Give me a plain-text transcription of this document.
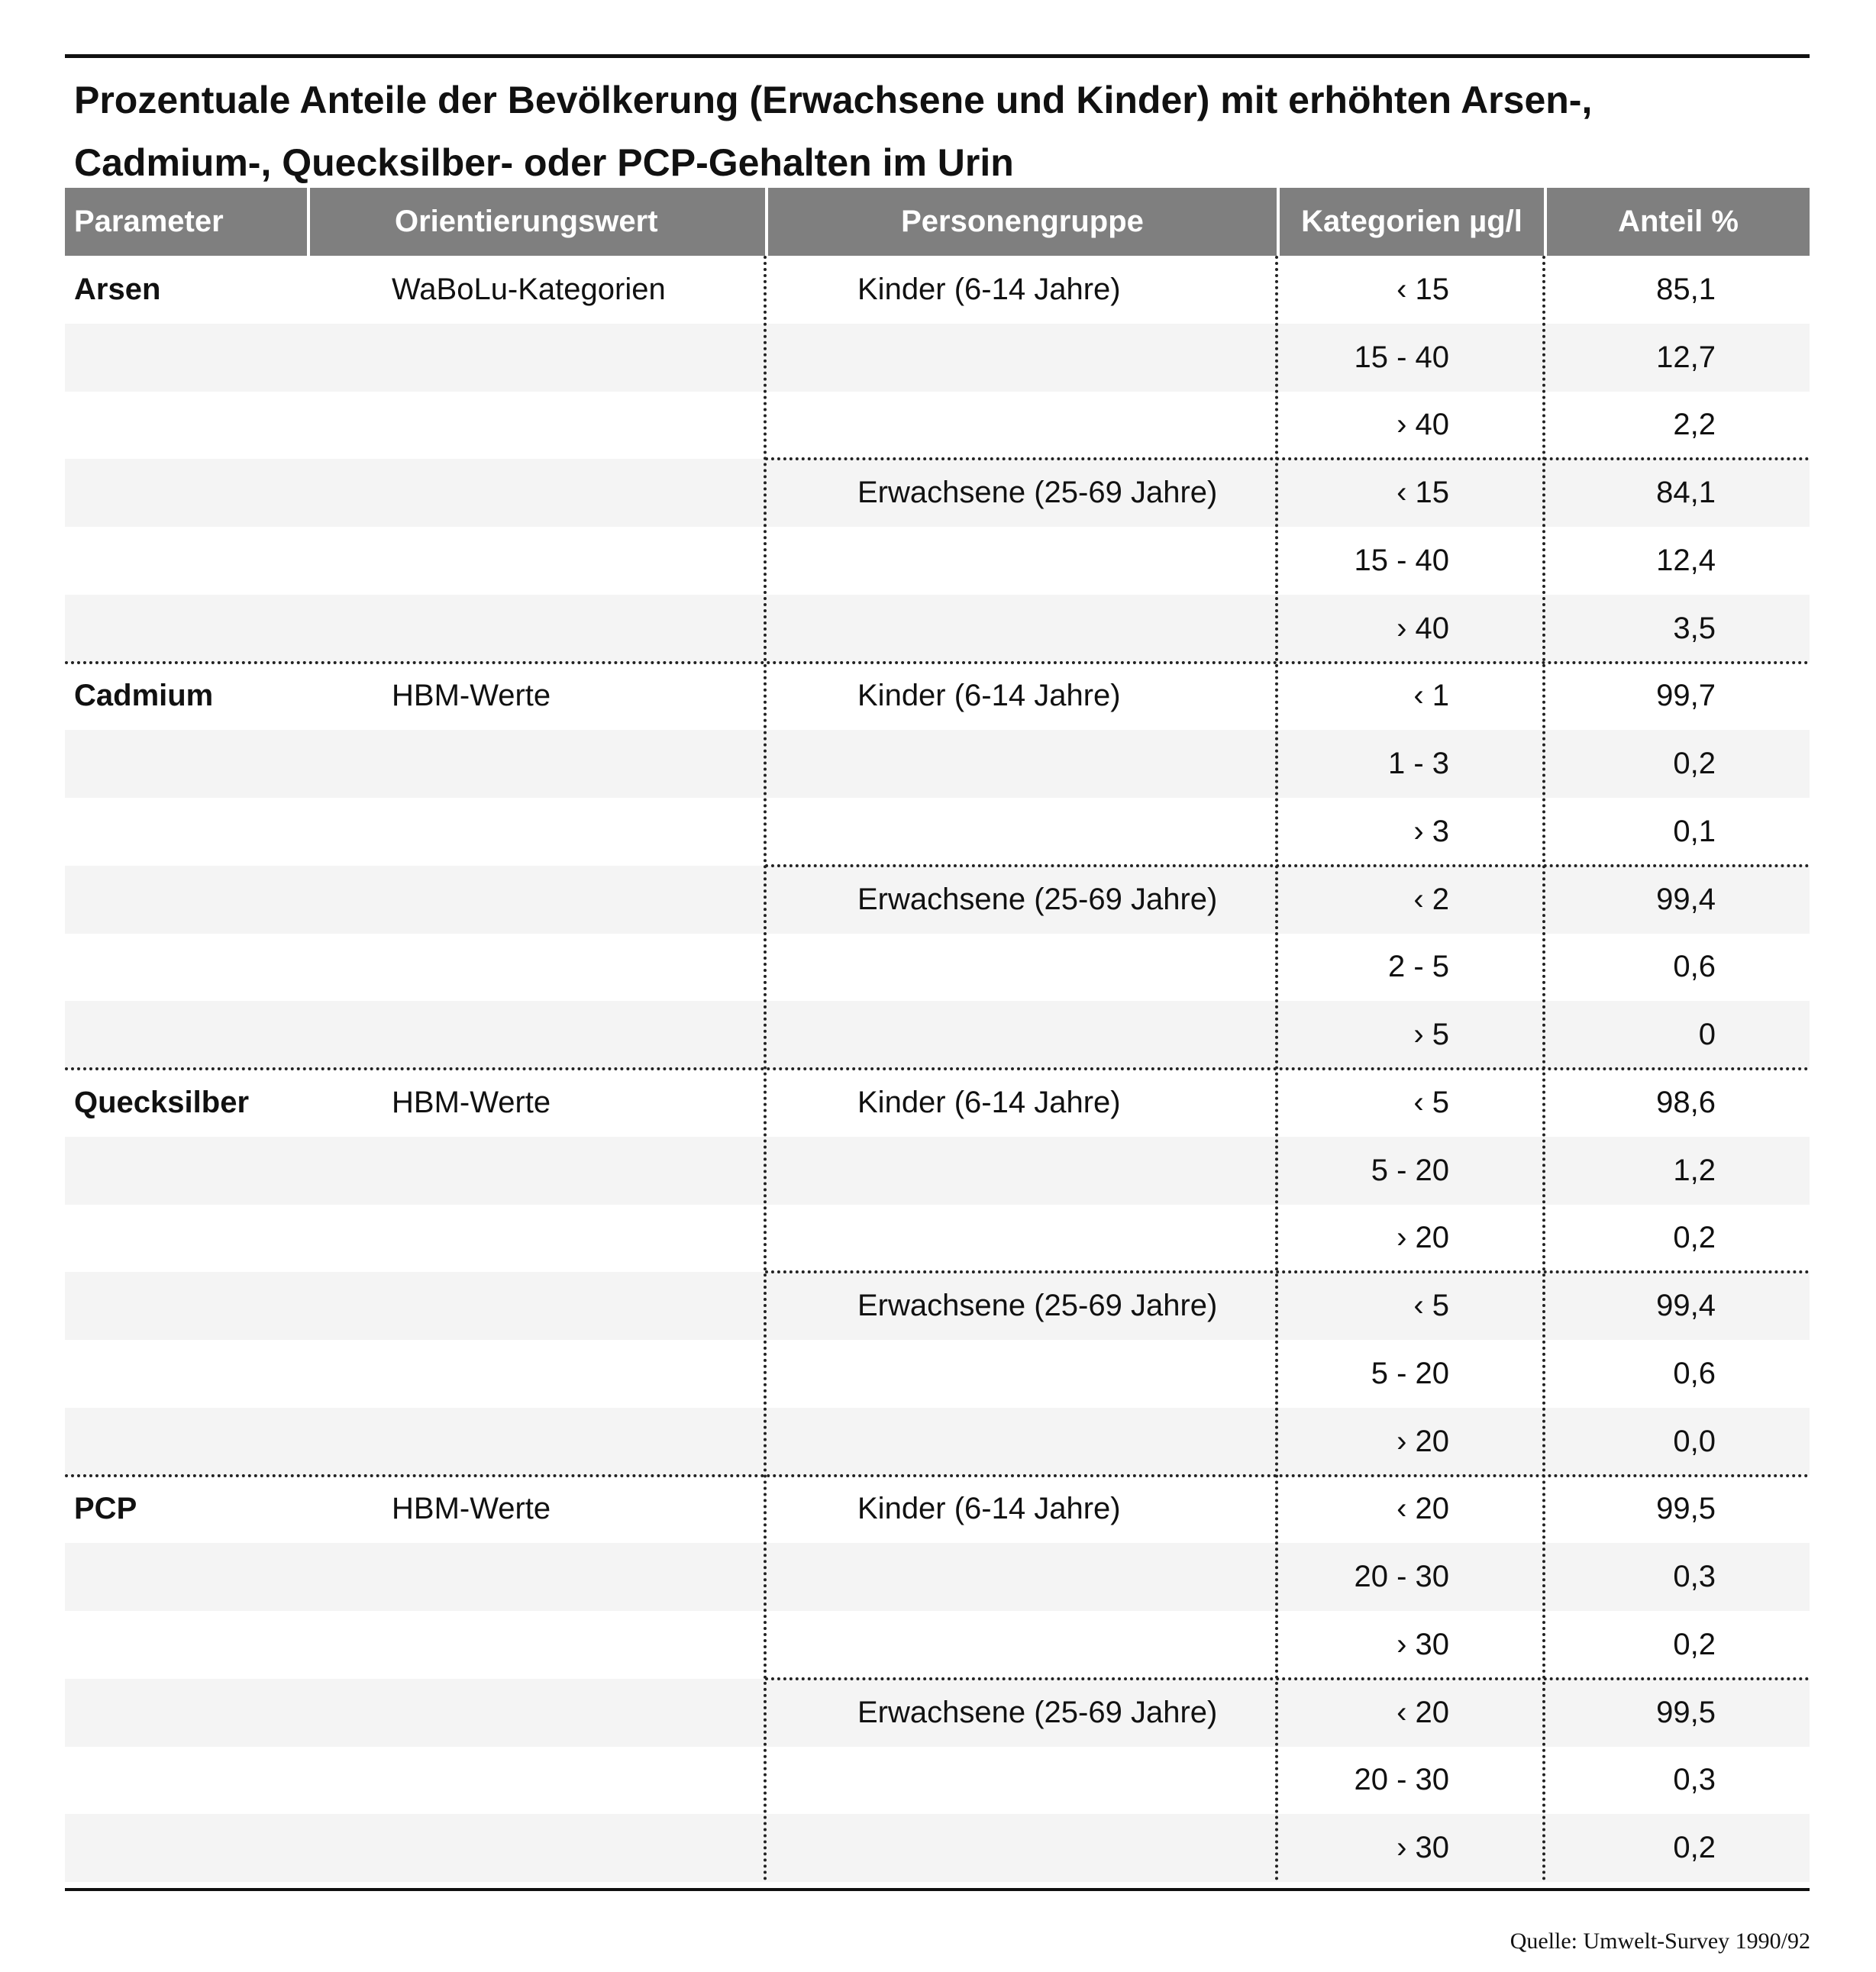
Prozentuale Anteile der Bevölkerung (Erwachsene und Kinder) mit erhöhten Arsen-,
Cadmium-, Quecksilber- oder PCP-Gehalten im Urin
Parameter	Orientierungswert	Personengruppe	Kategorien µg/l	Anteil %
Arsen	WaBoLu-Kategorien	Kinder (6-14 Jahre)	‹ 15	85,1
15 - 40	12,7
› 40	2,2
Erwachsene (25-69 Jahre)	‹ 15	84,1
15 - 40	12,4
› 40	3,5
Cadmium	HBM-Werte	Kinder (6-14 Jahre)	‹ 1	99,7
1 - 3	0,2
› 3	0,1
Erwachsene (25-69 Jahre)	‹ 2	99,4
2 - 5	0,6
› 5	0
Quecksilber	HBM-Werte	Kinder (6-14 Jahre)	‹ 5	98,6
5 - 20	1,2
› 20	0,2
Erwachsene (25-69 Jahre)	‹ 5	99,4
5 - 20	0,6
› 20	0,0
PCP	HBM-Werte	Kinder (6-14 Jahre)	‹ 20	99,5
20 - 30	0,3
› 30	0,2
Erwachsene (25-69 Jahre)	‹ 20	99,5
20 - 30	0,3
› 30	0,2
Quelle: Umwelt-Survey 1990/92
